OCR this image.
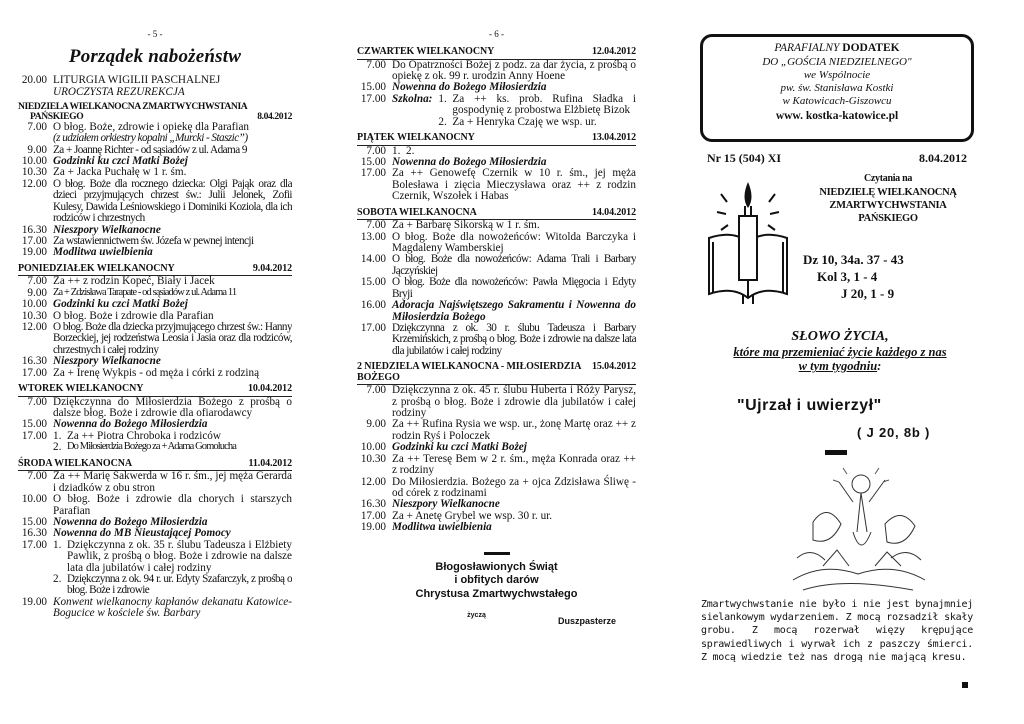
- 5 -
Porządek nabożeństw
20.00 LITURGIA WIGILII PASCHALNEJ
UROCZYSTA REZUREKCJA
NIEDZIELA WIELKANOCNA ZMARTWYCHWSTANIA
PAŃSKIEGO	8.04.2012
7.00 O błog. Boże, zdrowie i opiekę dla Parafian
(z udziałem orkiestry kopalni „Murcki - Staszic”)
9.00 Za + Joannę Richter - od sąsiadów z ul. Adama 9
10.00 Godzinki ku czci Matki Bożej
10.30 Za + Jacka Puchałę w 1 r. śm.
12.00 O błog. Boże dla rocznego dziecka: Olgi Pająk oraz dla dzieci przyjmujących chrzest św.: Julii Jelonek, Zofii Kulesy, Dawida Leśniowskiego i Dominiki Koziola, dla ich rodziców i chrzestnych
16.30 Nieszpory Wielkanocne
17.00 Za wstawiennictwem św. Józefa w pewnej intencji
19.00 Modlitwa uwielbienia
PONIEDZIAŁEK WIELKANOCNY	9.04.2012
7.00 Za ++ z rodzin Kopeć, Biały i Jacek
9.00 Za + Zdzisława Tarapate - od sąsiadów z ul. Adama 11
10.00 Godzinki ku czci Matki Bożej
10.30 O błog. Boże i zdrowie dla Parafian
12.00 O błog. Boże dla dziecka przyjmującego chrzest św.: Hanny Borzeckiej, jej rodzeństwa Leosia i Jasia oraz dla rodziców, chrzestnych i całej rodziny
16.30 Nieszpory Wielkanocne
17.00 Za + Irenę Wykpis - od męża i córki z rodziną
WTOREK WIELKANOCNY	10.04.2012
7.00 Dziękczynna do Miłosierdzia Bożego z prośbą o dalsze błog. Boże i zdrowie dla ofiarodawcy
15.00 Nowenna do Bożego Miłosierdzia
17.00 1. Za ++ Piotra Chroboka i rodziców
2. Do Miłosierdzia Bożego za + Adama Gomolucha
ŚRODA WIELKANOCNA	11.04.2012
7.00 Za ++ Marię Sakwerda w 16 r. śm., jej męża Gerarda i dziadków z obu stron
10.00 O błog. Boże i zdrowie dla chorych i starszych Parafian
15.00 Nowenna do Bożego Miłosierdzia
16.30 Nowenna do MB Nieustającej Pomocy
17.00 1. Dziękczynna z ok. 35 r. ślubu Tadeusza i Elżbiety Pawlik, z prośbą o błog. Boże i zdrowie na dalsze lata dla jubilatów i całej rodziny
2. Dziękczynna z ok. 94 r. ur. Edyty Szafarczyk, z prośbą o błog. Boże i zdrowie
19.00 Konwent wielkanocny kapłanów dekanatu Katowice-Bogucice w kościele św. Barbary
- 6 -
CZWARTEK WIELKANOCNY	12.04.2012
7.00 Do Opatrzności Bożej z podz. za dar życia, z prośbą o opiekę z ok. 99 r. urodzin Anny Hoene
15.00 Nowenna do Bożego Miłosierdzia
17.00 Szkolna: 1. Za ++ ks. prob. Rufina Sładka i gospodynię z probostwa Elżbietę Bizok
2. Za + Henryka Czaję we wsp. ur.
PIĄTEK WIELKANOCNY	13.04.2012
7.00 1. 2.
15.00 Nowenna do Bożego Miłosierdzia
17.00 Za ++ Genowefę Czernik w 10 r. śm., jej męża Bolesława i zięcia Mieczysława oraz ++ z rodzin Czernik, Wszołek i Habas
SOBOTA WIELKANOCNA	14.04.2012
7.00 Za + Barbarę Sikorską w 1 r. śm.
13.00 O błog. Boże dla nowożeńców: Witolda Barczyka i Magdaleny Wamberskiej
14.00 O błog. Boże dla nowożeńców: Adama Trali i Barbary Jączyńskiej
15.00 O błog. Boże dla nowożeńców: Pawła Mięgocia i Edyty Bryji
16.00 Adoracja Najświętszego Sakramentu i Nowenna do Miłosierdzia Bożego
17.00 Dziękczynna z ok. 30 r. ślubu Tadeusza i Barbary Krzemińskich, z prośbą o błog. Boże i zdrowie na dalsze lata dla jubilatów i całej rodziny
2 NIEDZIELA WIELKANOCNA - MIŁOSIERDZIA BOŻEGO
15.04.2012
7.00 Dziękczynna z ok. 45 r. ślubu Huberta i Róży Parysz, z prośbą o błog. Boże i zdrowie dla jubilatów i całej rodziny
9.00 Za ++ Rufina Rysia we wsp. ur., żonę Martę oraz ++ z rodzin Ryś i Poloczek
10.00 Godzinki ku czci Matki Bożej
10.30 Za ++ Teresę Bem w 2 r. śm., męża Konrada oraz ++ z rodziny
12.00 Do Miłosierdzia. Bożego za + ojca Zdzisława Śliwę - od córek z rodzinami
16.30 Nieszpory Wielkanocne
17.00 Za + Anetę Grybel we wsp. 30 r. ur.
19.00 Modlitwa uwielbienia
Błogosławionych Świąt
i obfitych darów
Chrystusa Zmartwychwstałego
życzą
Duszpasterze
PARAFIALNY DODATEK
DO „GOŚCIA NIEDZIELNEGO"
we Wspólnocie
pw. św. Stanisława Kostki
w Katowicach-Giszowcu
www. kostka-katowice.pl
Nr 15 (504) XI	8.04.2012
Czytania na
NIEDZIELĘ WIELKANOCNĄ
ZMARTWYCHWSTANIA
PAŃSKIEGO
Dz 10, 34a. 37 - 43
Kol 3, 1 - 4
J 20, 1 - 9
SŁOWO ŻYCIA,
które ma przemieniać życie każdego z nas
w tym tygodniu:
"Ujrzał i uwierzył"
( J 20, 8b )
Zmartwychwstanie nie było i nie jest bynajmniej sielankowym wydarzeniem. Z mocą rozsadził skały grobu. Z mocą rozerwał więzy krępujące sprawiedliwych i wyrwał ich z paszczy śmierci. Z mocą wiedzie też nas drogą nie mającą kresu.
